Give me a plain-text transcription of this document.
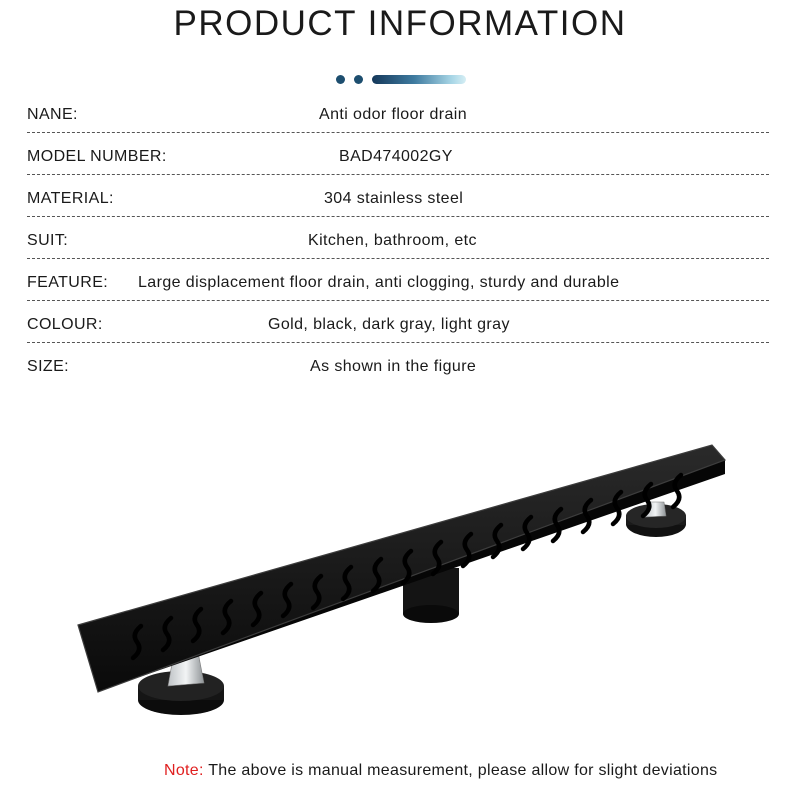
PRODUCT INFORMATION
NANE:	Anti odor floor drain
MODEL NUMBER:	BAD474002GY
MATERIAL:	304 stainless steel
SUIT:	Kitchen, bathroom, etc
FEATURE: Large displacement floor drain, anti clogging, sturdy and durable
COLOUR:	Gold, black, dark gray, light gray
SIZE:	As shown in the figure
Note: The above is manual measurement, please allow for slight deviations
